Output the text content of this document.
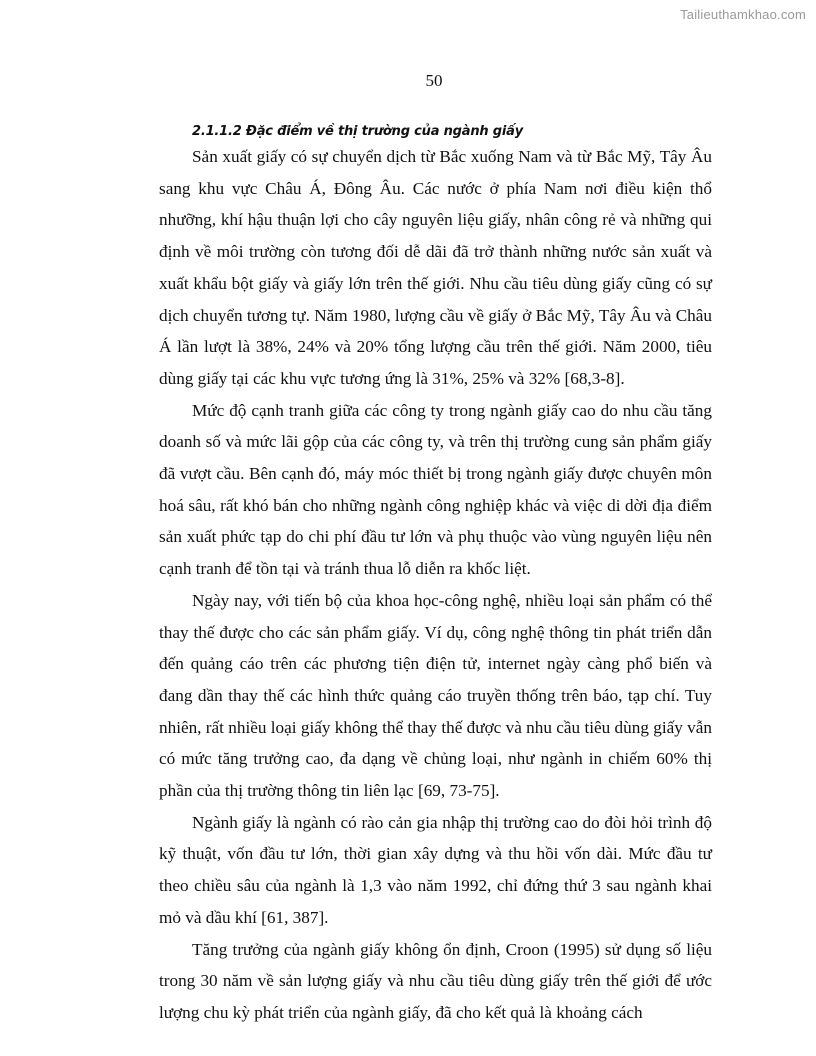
Tailieuthamkhao.com
50
2.1.1.2 Đặc điểm về thị trường của ngành giấy

Sản xuất giấy có sự chuyển dịch từ Bắc xuống Nam và từ Bắc Mỹ, Tây Âu sang khu vực Châu Á, Đông Âu. Các nước ở phía Nam nơi điều kiện thổ nhưỡng, khí hậu thuận lợi cho cây nguyên liệu giấy, nhân công rẻ và những qui định về môi trường còn tương đối dễ dãi đã trở thành những nước sản xuất và xuất khẩu bột giấy và giấy lớn trên thế giới. Nhu cầu tiêu dùng giấy cũng có sự dịch chuyển tương tự. Năm 1980, lượng cầu về giấy ở Bắc Mỹ, Tây Âu và Châu Á lần lượt là 38%, 24% và 20% tổng lượng cầu trên thế giới. Năm 2000, tiêu dùng giấy tại các khu vực tương ứng là 31%, 25% và 32% [68,3-8].

Mức độ cạnh tranh giữa các công ty trong ngành giấy cao do nhu cầu tăng doanh số và mức lãi gộp của các công ty, và trên thị trường cung sản phẩm giấy đã vượt cầu. Bên cạnh đó, máy móc thiết bị trong ngành giấy được chuyên môn hoá sâu, rất khó bán cho những ngành công nghiệp khác và việc di dời địa điểm sản xuất phức tạp do chi phí đầu tư lớn và phụ thuộc vào vùng nguyên liệu nên cạnh tranh để tồn tại và tránh thua lỗ diễn ra khốc liệt.

Ngày nay, với tiến bộ của khoa học-công nghệ, nhiều loại sản phẩm có thể thay thế được cho các sản phẩm giấy. Ví dụ, công nghệ thông tin phát triển dẫn đến quảng cáo trên các phương tiện điện tử, internet ngày càng phổ biến và đang dần thay thế các hình thức quảng cáo truyền thống trên báo, tạp chí. Tuy nhiên, rất nhiều loại giấy không thể thay thế được và nhu cầu tiêu dùng giấy vẫn có mức tăng trưởng cao, đa dạng về chủng loại, như ngành in chiếm 60% thị phần của thị trường thông tin liên lạc [69, 73-75].

Ngành giấy là ngành có rào cản gia nhập thị trường cao do đòi hỏi trình độ kỹ thuật, vốn đầu tư lớn, thời gian xây dựng và thu hồi vốn dài. Mức đầu tư theo chiều sâu của ngành là 1,3 vào năm 1992, chỉ đứng thứ 3 sau ngành khai mỏ và dầu khí [61, 387].

Tăng trưởng của ngành giấy không ổn định, Croon (1995) sử dụng số liệu trong 30 năm về sản lượng giấy và nhu cầu tiêu dùng giấy trên thế giới để ước lượng chu kỳ phát triển của ngành giấy, đã cho kết quả là khoảng cách
